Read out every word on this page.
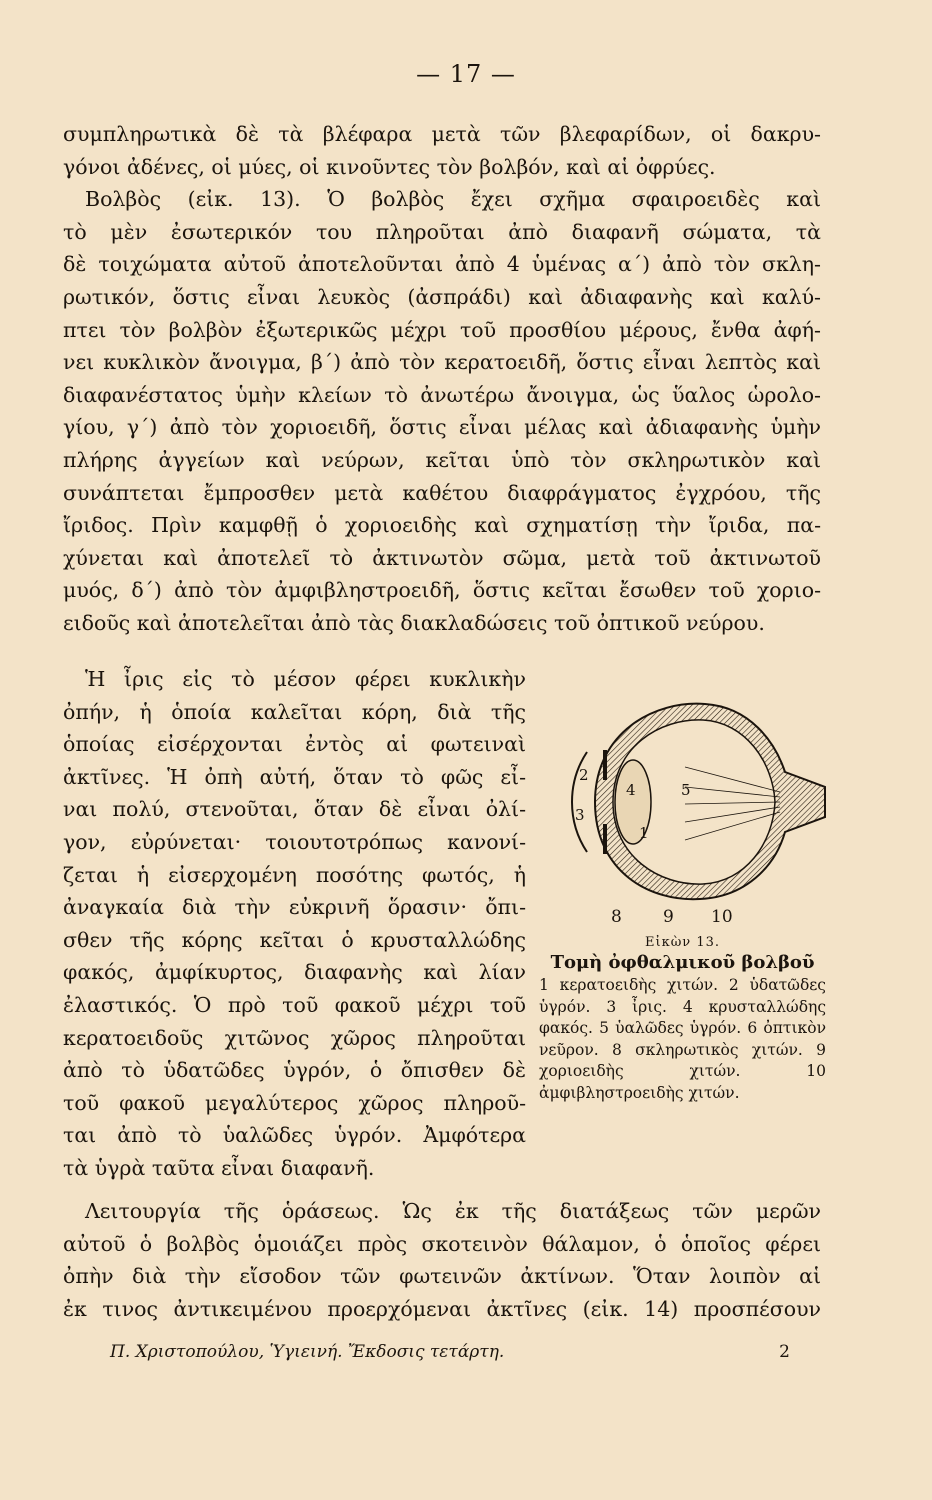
— 17 —
συμπληρωτικὰ δὲ τὰ βλέφαρα μετὰ τῶν βλεφαρίδων, οἱ δακρυ-
γόνοι ἀδένες, οἱ μύες, οἱ κινοῦντες τὸν βολβόν, καὶ αἱ ὀφρύες.
Βολβὸς (εἰκ. 13). Ὁ βολβὸς ἔχει σχῆμα σφαιροειδὲς καὶ
τὸ μὲν ἐσωτερικόν του πληροῦται ἀπὸ διαφανῆ σώματα, τὰ
δὲ τοιχώματα αὐτοῦ ἀποτελοῦνται ἀπὸ 4 ὑμένας α΄) ἀπὸ τὸν σκλη-
ρωτικόν, ὅστις εἶναι λευκὸς (ἀσπράδι) καὶ ἀδιαφανὴς καὶ καλύ-
πτει τὸν βολβὸν ἐξωτερικῶς μέχρι τοῦ προσθίου μέρους, ἔνθα ἀφή-
νει κυκλικὸν ἄνοιγμα, β΄) ἀπὸ τὸν κερατοειδῆ, ὅστις εἶναι λεπτὸς καὶ
διαφανέστατος ὑμὴν κλείων τὸ ἀνωτέρω ἄνοιγμα, ὡς ὕαλος ὡρολο-
γίου, γ΄) ἀπὸ τὸν χοριοειδῆ, ὅστις εἶναι μέλας καὶ ἀδιαφανὴς ὑμὴν
πλήρης ἀγγείων καὶ νεύρων, κεῖται ὑπὸ τὸν σκληρωτικὸν καὶ
συνάπτεται ἔμπροσθεν μετὰ καθέτου διαφράγματος ἐγχρόου, τῆς
ἴριδος. Πρὶν καμφθῇ ὁ χοριοειδὴς καὶ σχηματίσῃ τὴν ἴριδα, πα-
χύνεται καὶ ἀποτελεῖ τὸ ἀκτινωτὸν σῶμα, μετὰ τοῦ ἀκτινωτοῦ
μυός, δ΄) ἀπὸ τὸν ἀμφιβληστροειδῆ, ὅστις κεῖται ἔσωθεν τοῦ χοριο-
ειδοῦς καὶ ἀποτελεῖται ἀπὸ τὰς διακλαδώσεις τοῦ ὀπτικοῦ νεύρου.
Ἡ ἶρις εἰς τὸ μέσον φέρει κυκλικὴν
ὀπήν, ἡ ὁποία καλεῖται κόρη, διὰ τῆς
ὁποίας εἰσέρχονται ἐντὸς αἱ φωτειναὶ
ἀκτῖνες. Ἡ ὀπὴ αὐτή, ὅταν τὸ φῶς εἶ-
ναι πολύ, στενοῦται, ὅταν δὲ εἶναι ὀλί-
γον, εὐρύνεται· τοιουτοτρόπως κανονί-
ζεται ἡ εἰσερχομένη ποσότης φωτός, ἡ
ἀναγκαία διὰ τὴν εὐκρινῆ ὅρασιν· ὄπι-
σθεν τῆς κόρης κεῖται ὁ κρυσταλλώδης
φακός, ἀμφίκυρτος, διαφανὴς καὶ λίαν
ἐλαστικός. Ὁ πρὸ τοῦ φακοῦ μέχρι τοῦ
κερατοειδοῦς χιτῶνος χῶρος πληροῦται
ἀπὸ τὸ ὑδατῶδες ὑγρόν, ὁ ὄπισθεν δὲ
τοῦ φακοῦ μεγαλύτερος χῶρος πληροῦ-
ται ἀπὸ τὸ ὑαλῶδες ὑγρόν. Ἀμφότερα
τὰ ὑγρὰ ταῦτα εἶναι διαφανῆ.
2
4	5
3
1
8 9 10
Εἰκὼν 13.
Τομὴ ὀφθαλμικοῦ βολβοῦ
1 κερατοειδὴς χιτών. 2 ὑδατῶδες ὑγρόν. 3 ἶρις. 4 κρυσταλλώδης φακός. 5 ὑαλῶδες ὑγρόν. 6 ὀπτικὸν νεῦρον. 8 σκληρωτικὸς χιτών. 9 χοριοειδὴς χιτών. 10 ἀμφιβληστροειδὴς χιτών.
Λειτουργία τῆς ὁράσεως. Ὡς ἐκ τῆς διατάξεως τῶν μερῶν
αὐτοῦ ὁ βολβὸς ὁμοιάζει πρὸς σκοτεινὸν θάλαμον, ὁ ὁποῖος φέρει
ὀπὴν διὰ τὴν εἴσοδον τῶν φωτεινῶν ἀκτίνων. Ὅταν λοιπὸν αἱ
ἐκ τινος ἀντικειμένου προερχόμεναι ἀκτῖνες (εἰκ. 14) προσπέσουν
Π. Χριστοπούλου, Ὑγιεινή. Ἔκδοσις τετάρτη.	2
